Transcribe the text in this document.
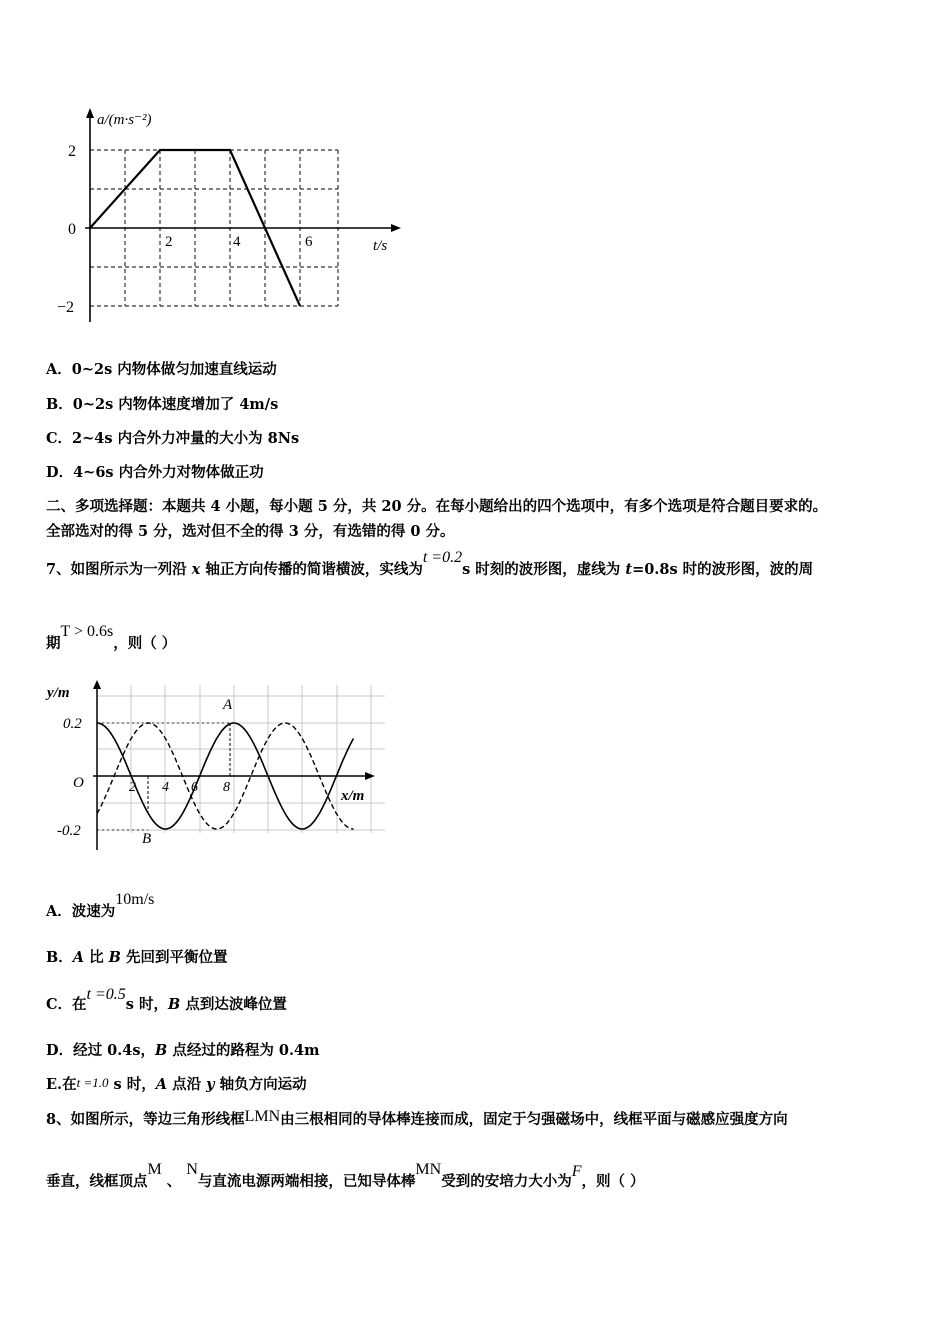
a/(m·s⁻²)
2
0
−2
2	4	6	t/s
A．0~2s 内物体做匀加速直线运动
B．0~2s 内物体速度增加了 4m/s
C．2~4s 内合外力冲量的大小为 8Ns
D．4~6s 内合外力对物体做正功
二、多项选择题：本题共 4 小题，每小题 5 分，共 20 分。在每小题给出的四个选项中，有多个选项是符合题目要求的。
全部选对的得 5 分，选对但不全的得 3 分，有选错的得 0 分。
7、如图所示为一列沿 x 轴正方向传播的简谐横波，实线为t =0.2s 时刻的波形图，虚线为 t=0.8s 时的波形图，波的周
期T > 0.6s，则（ ）
y/m
0.2
O
-0.2
2 4 6 8
x/m
A
B
A．波速为10m/s
B．A 比 B 先回到平衡位置
C．在t =0.5s 时，B 点到达波峰位置
D．经过 0.4s，B 点经过的路程为 0.4m
E.在t =1.0 s 时，A 点沿 y 轴负方向运动
8、如图所示，等边三角形线框LMN由三根相同的导体棒连接而成，固定于匀强磁场中，线框平面与磁感应强度方向
垂直，线框顶点M 、 N与直流电源两端相接，已知导体棒MN受到的安培力大小为F，则（ ）
